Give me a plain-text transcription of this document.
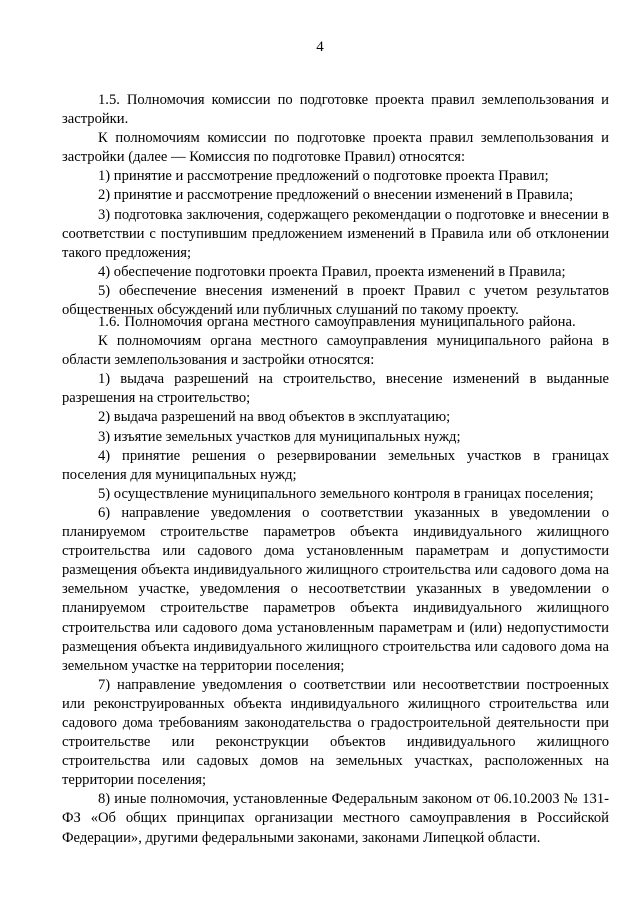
4

1.5. Полномочия комиссии по подготовке проекта правил землепользования и застройки.

К полномочиям комиссии по подготовке проекта правил землепользования и застройки (далее — Комиссия по подготовке Правил) относятся:

1) принятие и рассмотрение предложений о подготовке проекта Правил;

2) принятие и рассмотрение предложений о внесении изменений в Правила;

3) подготовка заключения, содержащего рекомендации о подготовке и внесении в соответствии с поступившим предложением изменений в Правила или об отклонении такого предложения;

4) обеспечение подготовки проекта Правил, проекта изменений в Правила;

5) обеспечение внесения изменений в проект Правил с учетом результатов общественных обсуждений или публичных слушаний по такому проекту.

1.6. Полномочия органа местного самоуправления муниципального района.

К полномочиям органа местного самоуправления муниципального района в области землепользования и застройки относятся:

1) выдача разрешений на строительство, внесение изменений в выданные разрешения на строительство;

2) выдача разрешений на ввод объектов в эксплуатацию;

3) изъятие земельных участков для муниципальных нужд;

4) принятие решения о резервировании земельных участков в границах поселения для муниципальных нужд;

5) осуществление муниципального земельного контроля в границах поселения;

6) направление уведомления о соответствии указанных в уведомлении о планируемом строительстве параметров объекта индивидуального жилищного строительства или садового дома установленным параметрам и допустимости размещения объекта индивидуального жилищного строительства или садового дома на земельном участке, уведомления о несоответствии указанных в уведомлении о планируемом строительстве параметров объекта индивидуального жилищного строительства или садового дома установленным параметрам и (или) недопустимости размещения объекта индивидуального жилищного строительства или садового дома на земельном участке на территории поселения;

7) направление уведомления о соответствии или несоответствии построенных или реконструированных объекта индивидуального жилищного строительства или садового дома требованиям законодательства о градостроительной деятельности при строительстве или реконструкции объектов индивидуального жилищного строительства или садовых домов на земельных участках, расположенных на территории поселения;

8) иные полномочия, установленные Федеральным законом от 06.10.2003 № 131-ФЗ «Об общих принципах организации местного самоуправления в Российской Федерации», другими федеральными законами, законами Липецкой области.
